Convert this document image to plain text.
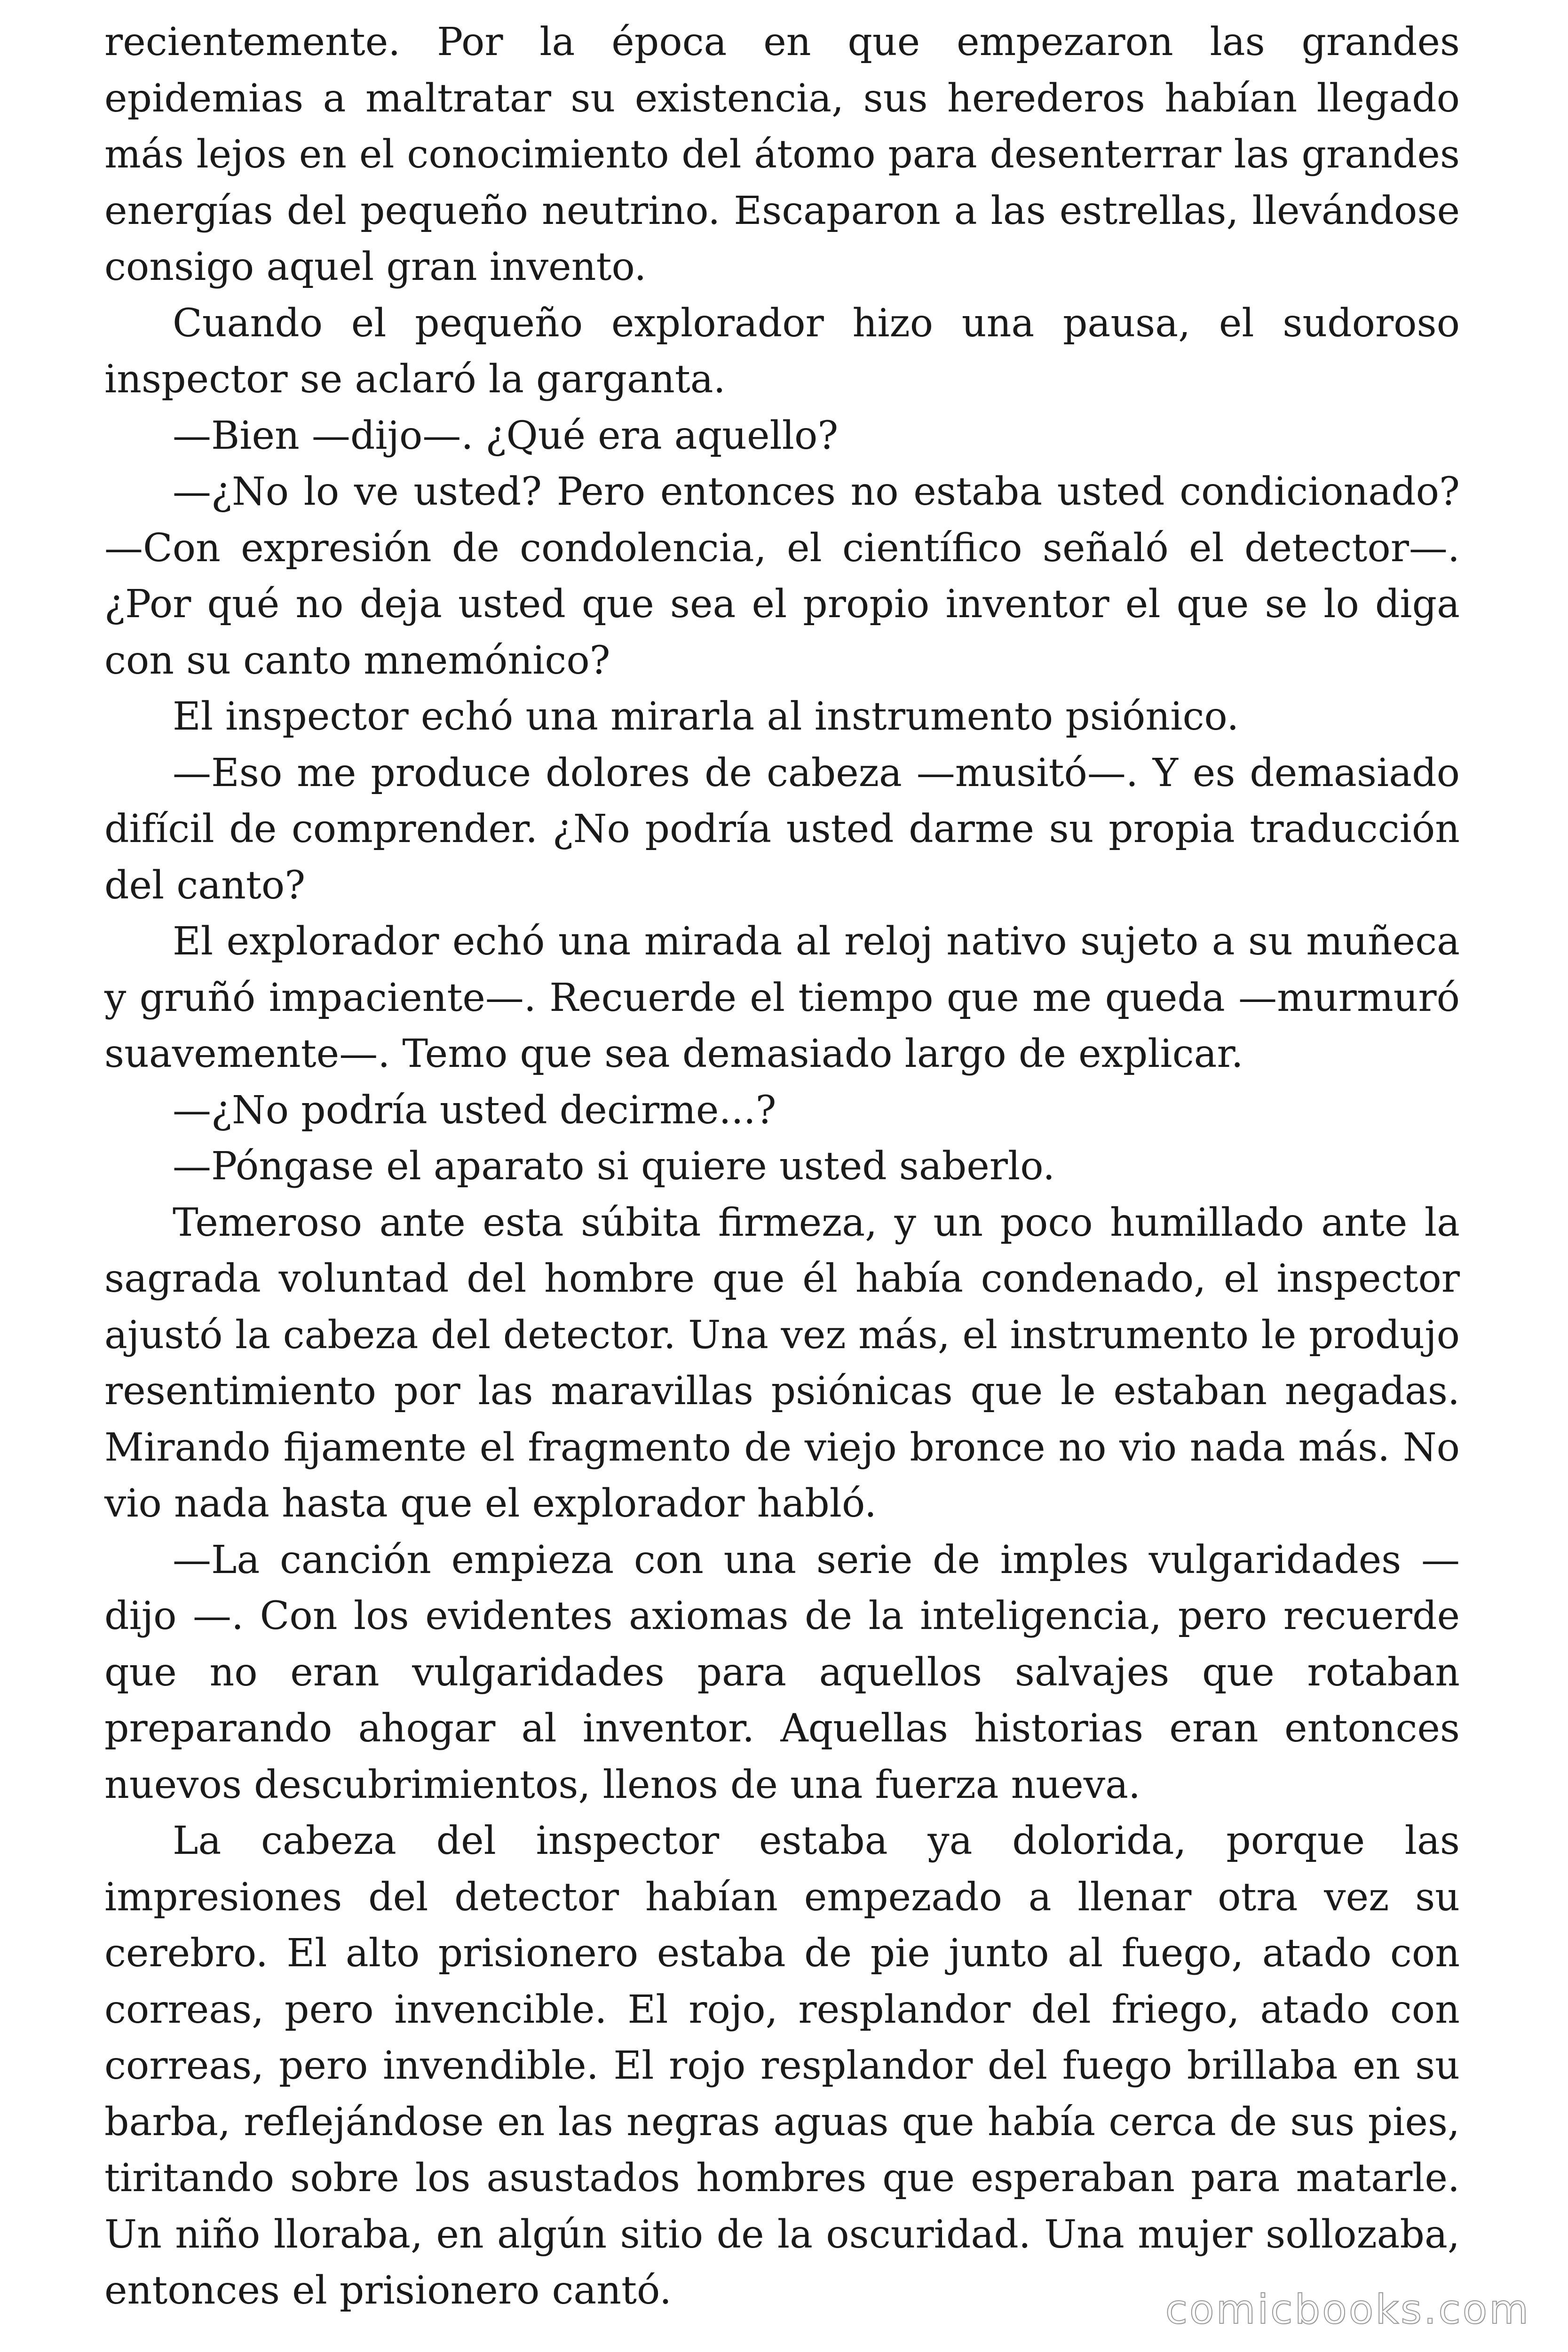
recientemente. Por la época en que empezaron las grandes epidemias a maltratar su existencia, sus herederos habían llegado más lejos en el conocimiento del átomo para desenterrar las grandes energías del pequeño neutrino. Escaparon a las estrellas, llevándose consigo aquel gran invento.

Cuando el pequeño explorador hizo una pausa, el sudoroso inspector se aclaró la garganta.

—Bien —dijo—. ¿Qué era aquello?

—¿No lo ve usted? Pero entonces no estaba usted condicionado? —Con expresión de condolencia, el científico señaló el detector—. ¿Por qué no deja usted que sea el propio inventor el que se lo diga con su canto mnemónico?

El inspector echó una mirarla al instrumento psiónico.

—Eso me produce dolores de cabeza —musitó—. Y es demasiado difícil de comprender. ¿No podría usted darme su propia traducción del canto?

El explorador echó una mirada al reloj nativo sujeto a su muñeca y gruñó impaciente—. Recuerde el tiempo que me queda —murmuró suavemente—. Temo que sea demasiado largo de explicar.

—¿No podría usted decirme...?

—Póngase el aparato si quiere usted saberlo.

Temeroso ante esta súbita firmeza, y un poco humillado ante la sagrada voluntad del hombre que él había condenado, el inspector ajustó la cabeza del detector. Una vez más, el instrumento le produjo resentimiento por las maravillas psiónicas que le estaban negadas. Mirando fijamente el fragmento de viejo bronce no vio nada más. No vio nada hasta que el explorador habló.

—La canción empieza con una serie de imples vulgaridades —dijo —. Con los evidentes axiomas de la inteligencia, pero recuerde que no eran vulgaridades para aquellos salvajes que rotaban preparando ahogar al inventor. Aquellas historias eran entonces nuevos descubrimientos, llenos de una fuerza nueva.

La cabeza del inspector estaba ya dolorida, porque las impresiones del detector habían empezado a llenar otra vez su cerebro. El alto prisionero estaba de pie junto al fuego, atado con correas, pero invencible. El rojo, resplandor del friego, atado con correas, pero invendible. El rojo resplandor del fuego brillaba en su barba, reflejándose en las negras aguas que había cerca de sus pies, tiritando sobre los asustados hombres que esperaban para matarle. Un niño lloraba, en algún sitio de la oscuridad. Una mujer sollozaba, entonces el prisionero cantó.	comicbooks.com
